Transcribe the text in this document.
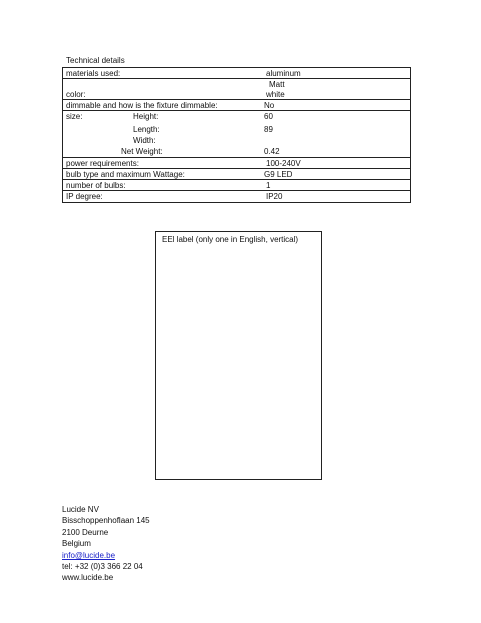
Technical details
materials used:	aluminum
color:
Matt
white
dimmable and how is the fixture dimmable:	No
size:	Height:	60
Length:	89
Width:
Net Weight:	0.42
power requirements:	100-240V
bulb type and maximum Wattage:	G9 LED
number of bulbs:	1
IP degree:	IP20
EEl label (only one in English, vertical)
Lucide NV
Bisschoppenhoflaan 145
2100 Deurne
Belgium
info@lucide.be
tel: +32 (0)3 366 22 04
www.lucide.be
